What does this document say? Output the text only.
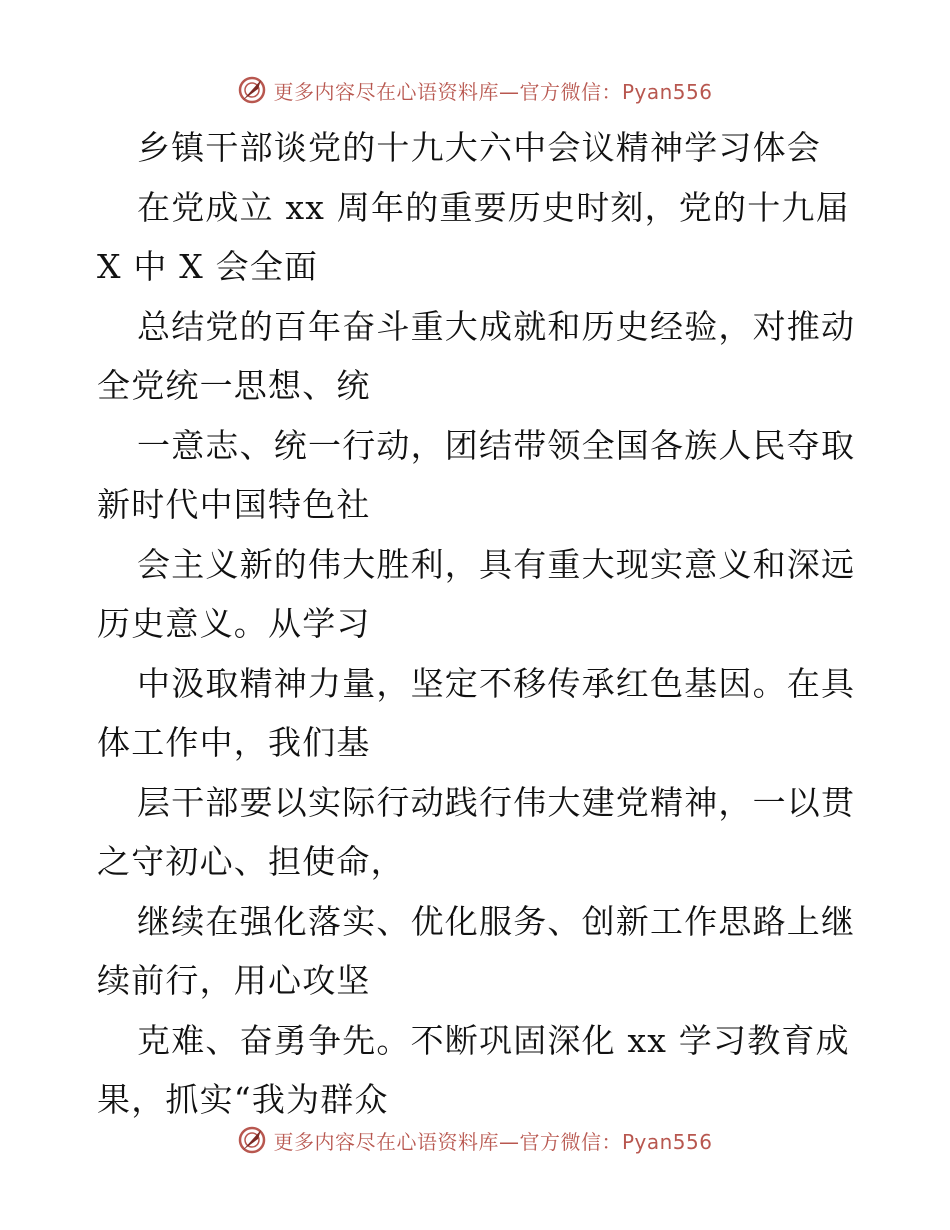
更多内容尽在心语资料库—官方微信：Pyan556
乡镇干部谈党的十九大六中会议精神学习体会
在党成立 xx 周年的重要历史时刻，党的十九届
X 中 X 会全面
总结党的百年奋斗重大成就和历史经验，对推动
全党统一思想、统
一意志、统一行动，团结带领全国各族人民夺取
新时代中国特色社
会主义新的伟大胜利，具有重大现实意义和深远
历史意义。从学习
中汲取精神力量，坚定不移传承红色基因。在具
体工作中，我们基
层干部要以实际行动践行伟大建党精神，一以贯
之守初心、担使命，
继续在强化落实、优化服务、创新工作思路上继
续前行，用心攻坚
克难、奋勇争先。不断巩固深化 xx 学习教育成
果，抓实“我为群众
更多内容尽在心语资料库—官方微信：Pyan556
